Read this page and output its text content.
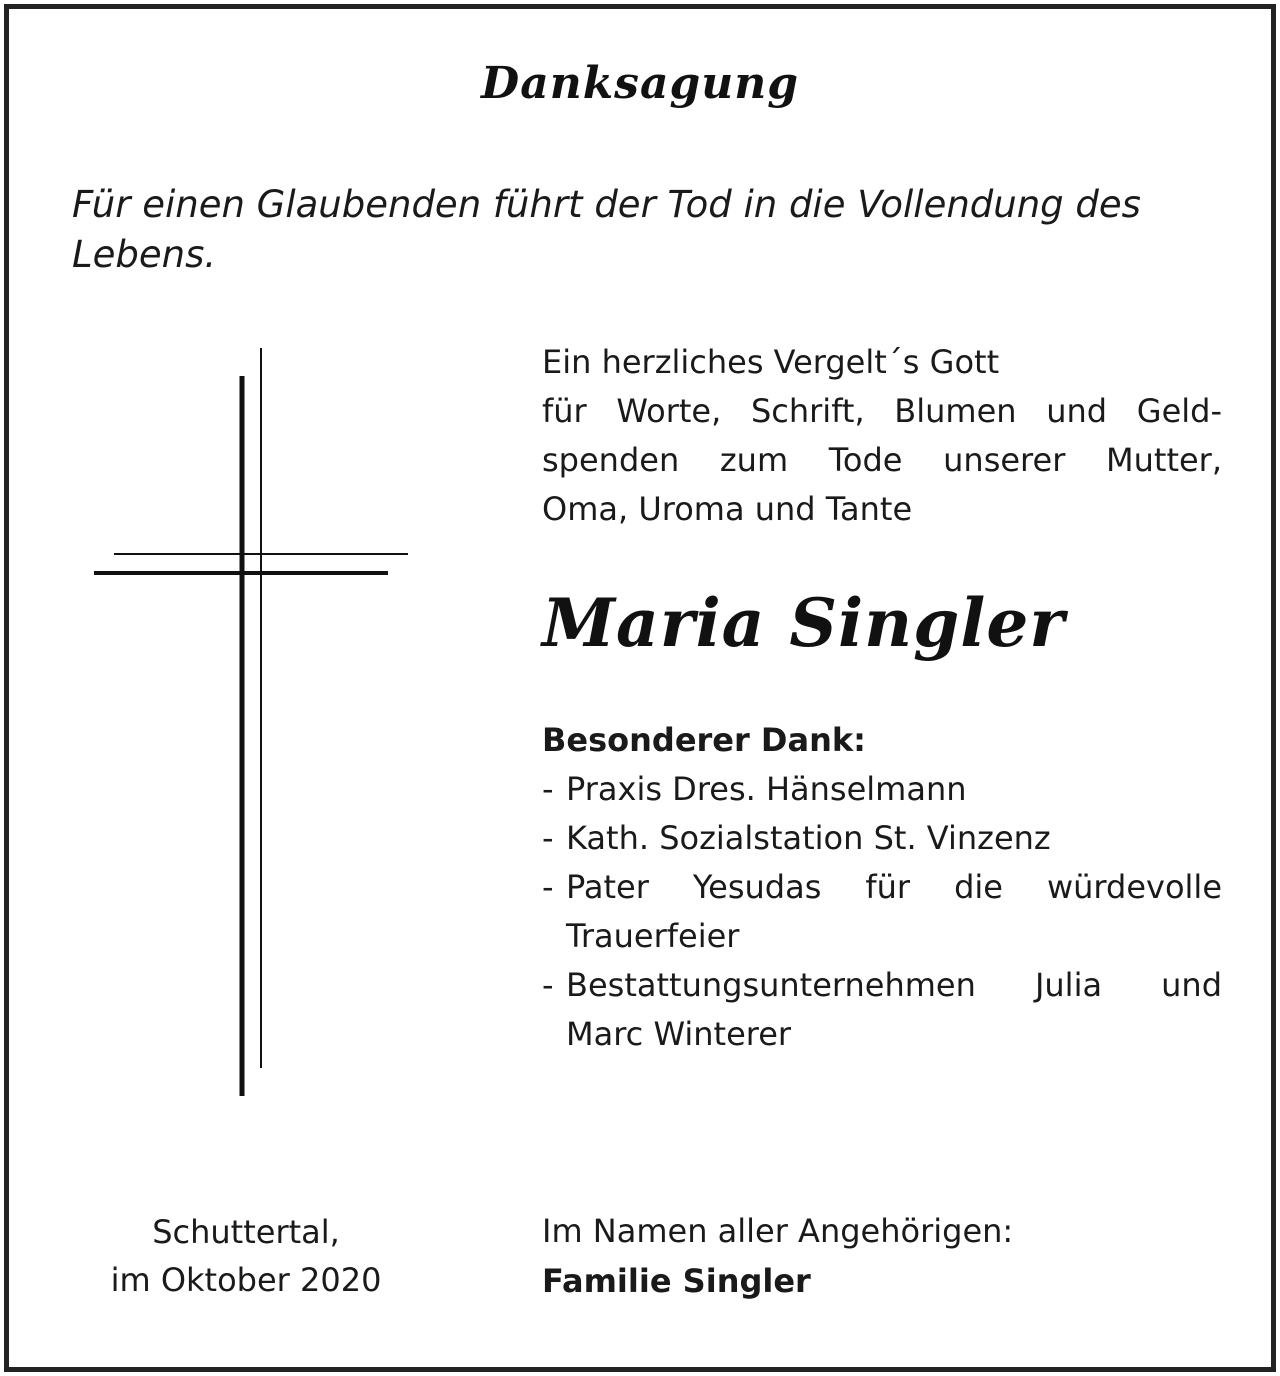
Danksagung
Für einen Glaubenden führt der Tod in die Vollendung des Lebens.
Ein herzliches Vergelt´s Gott
für Worte, Schrift, Blumen und Geld-
spenden zum Tode unserer Mutter,
Oma, Uroma und Tante
Maria Singler
Besonderer Dank:
- Praxis Dres. Hänselmann
- Kath. Sozialstation St. Vinzenz
- Pater Yesudas für die würdevolle
Trauerfeier
- Bestattungsunternehmen Julia und
Marc Winterer
Schuttertal,
im Oktober 2020
Im Namen aller Angehörigen:
Familie Singler
